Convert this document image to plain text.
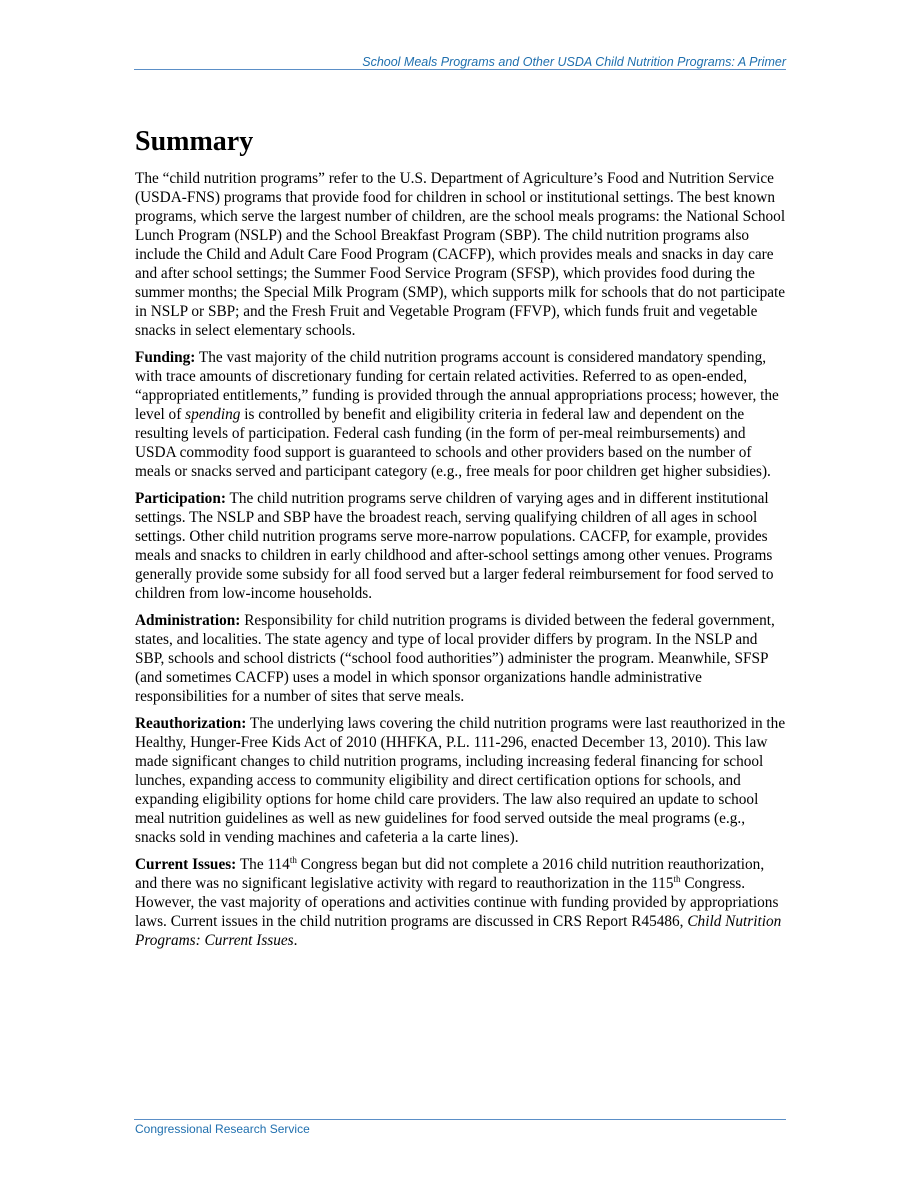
School Meals Programs and Other USDA Child Nutrition Programs: A Primer
Summary

The “child nutrition programs” refer to the U.S. Department of Agriculture’s Food and Nutrition Service (USDA-FNS) programs that provide food for children in school or institutional settings. The best known programs, which serve the largest number of children, are the school meals programs: the National School Lunch Program (NSLP) and the School Breakfast Program (SBP). The child nutrition programs also include the Child and Adult Care Food Program (CACFP), which provides meals and snacks in day care and after school settings; the Summer Food Service Program (SFSP), which provides food during the summer months; the Special Milk Program (SMP), which supports milk for schools that do not participate in NSLP or SBP; and the Fresh Fruit and Vegetable Program (FFVP), which funds fruit and vegetable snacks in select elementary schools.

Funding: The vast majority of the child nutrition programs account is considered mandatory spending, with trace amounts of discretionary funding for certain related activities. Referred to as open-ended, “appropriated entitlements,” funding is provided through the annual appropriations process; however, the level of spending is controlled by benefit and eligibility criteria in federal law and dependent on the resulting levels of participation. Federal cash funding (in the form of per-meal reimbursements) and USDA commodity food support is guaranteed to schools and other providers based on the number of meals or snacks served and participant category (e.g., free meals for poor children get higher subsidies).

Participation: The child nutrition programs serve children of varying ages and in different institutional settings. The NSLP and SBP have the broadest reach, serving qualifying children of all ages in school settings. Other child nutrition programs serve more-narrow populations. CACFP, for example, provides meals and snacks to children in early childhood and after-school settings among other venues. Programs generally provide some subsidy for all food served but a larger federal reimbursement for food served to children from low-income households.

Administration: Responsibility for child nutrition programs is divided between the federal government, states, and localities. The state agency and type of local provider differs by program. In the NSLP and SBP, schools and school districts (“school food authorities”) administer the program. Meanwhile, SFSP (and sometimes CACFP) uses a model in which sponsor organizations handle administrative responsibilities for a number of sites that serve meals.

Reauthorization: The underlying laws covering the child nutrition programs were last reauthorized in the Healthy, Hunger-Free Kids Act of 2010 (HHFKA, P.L. 111-296, enacted December 13, 2010). This law made significant changes to child nutrition programs, including increasing federal financing for school lunches, expanding access to community eligibility and direct certification options for schools, and expanding eligibility options for home child care providers. The law also required an update to school meal nutrition guidelines as well as new guidelines for food served outside the meal programs (e.g., snacks sold in vending machines and cafeteria a la carte lines).

Current Issues: The 114th Congress began but did not complete a 2016 child nutrition reauthorization, and there was no significant legislative activity with regard to reauthorization in the 115th Congress. However, the vast majority of operations and activities continue with funding provided by appropriations laws. Current issues in the child nutrition programs are discussed in CRS Report R45486, Child Nutrition Programs: Current Issues.

Congressional Research Service
